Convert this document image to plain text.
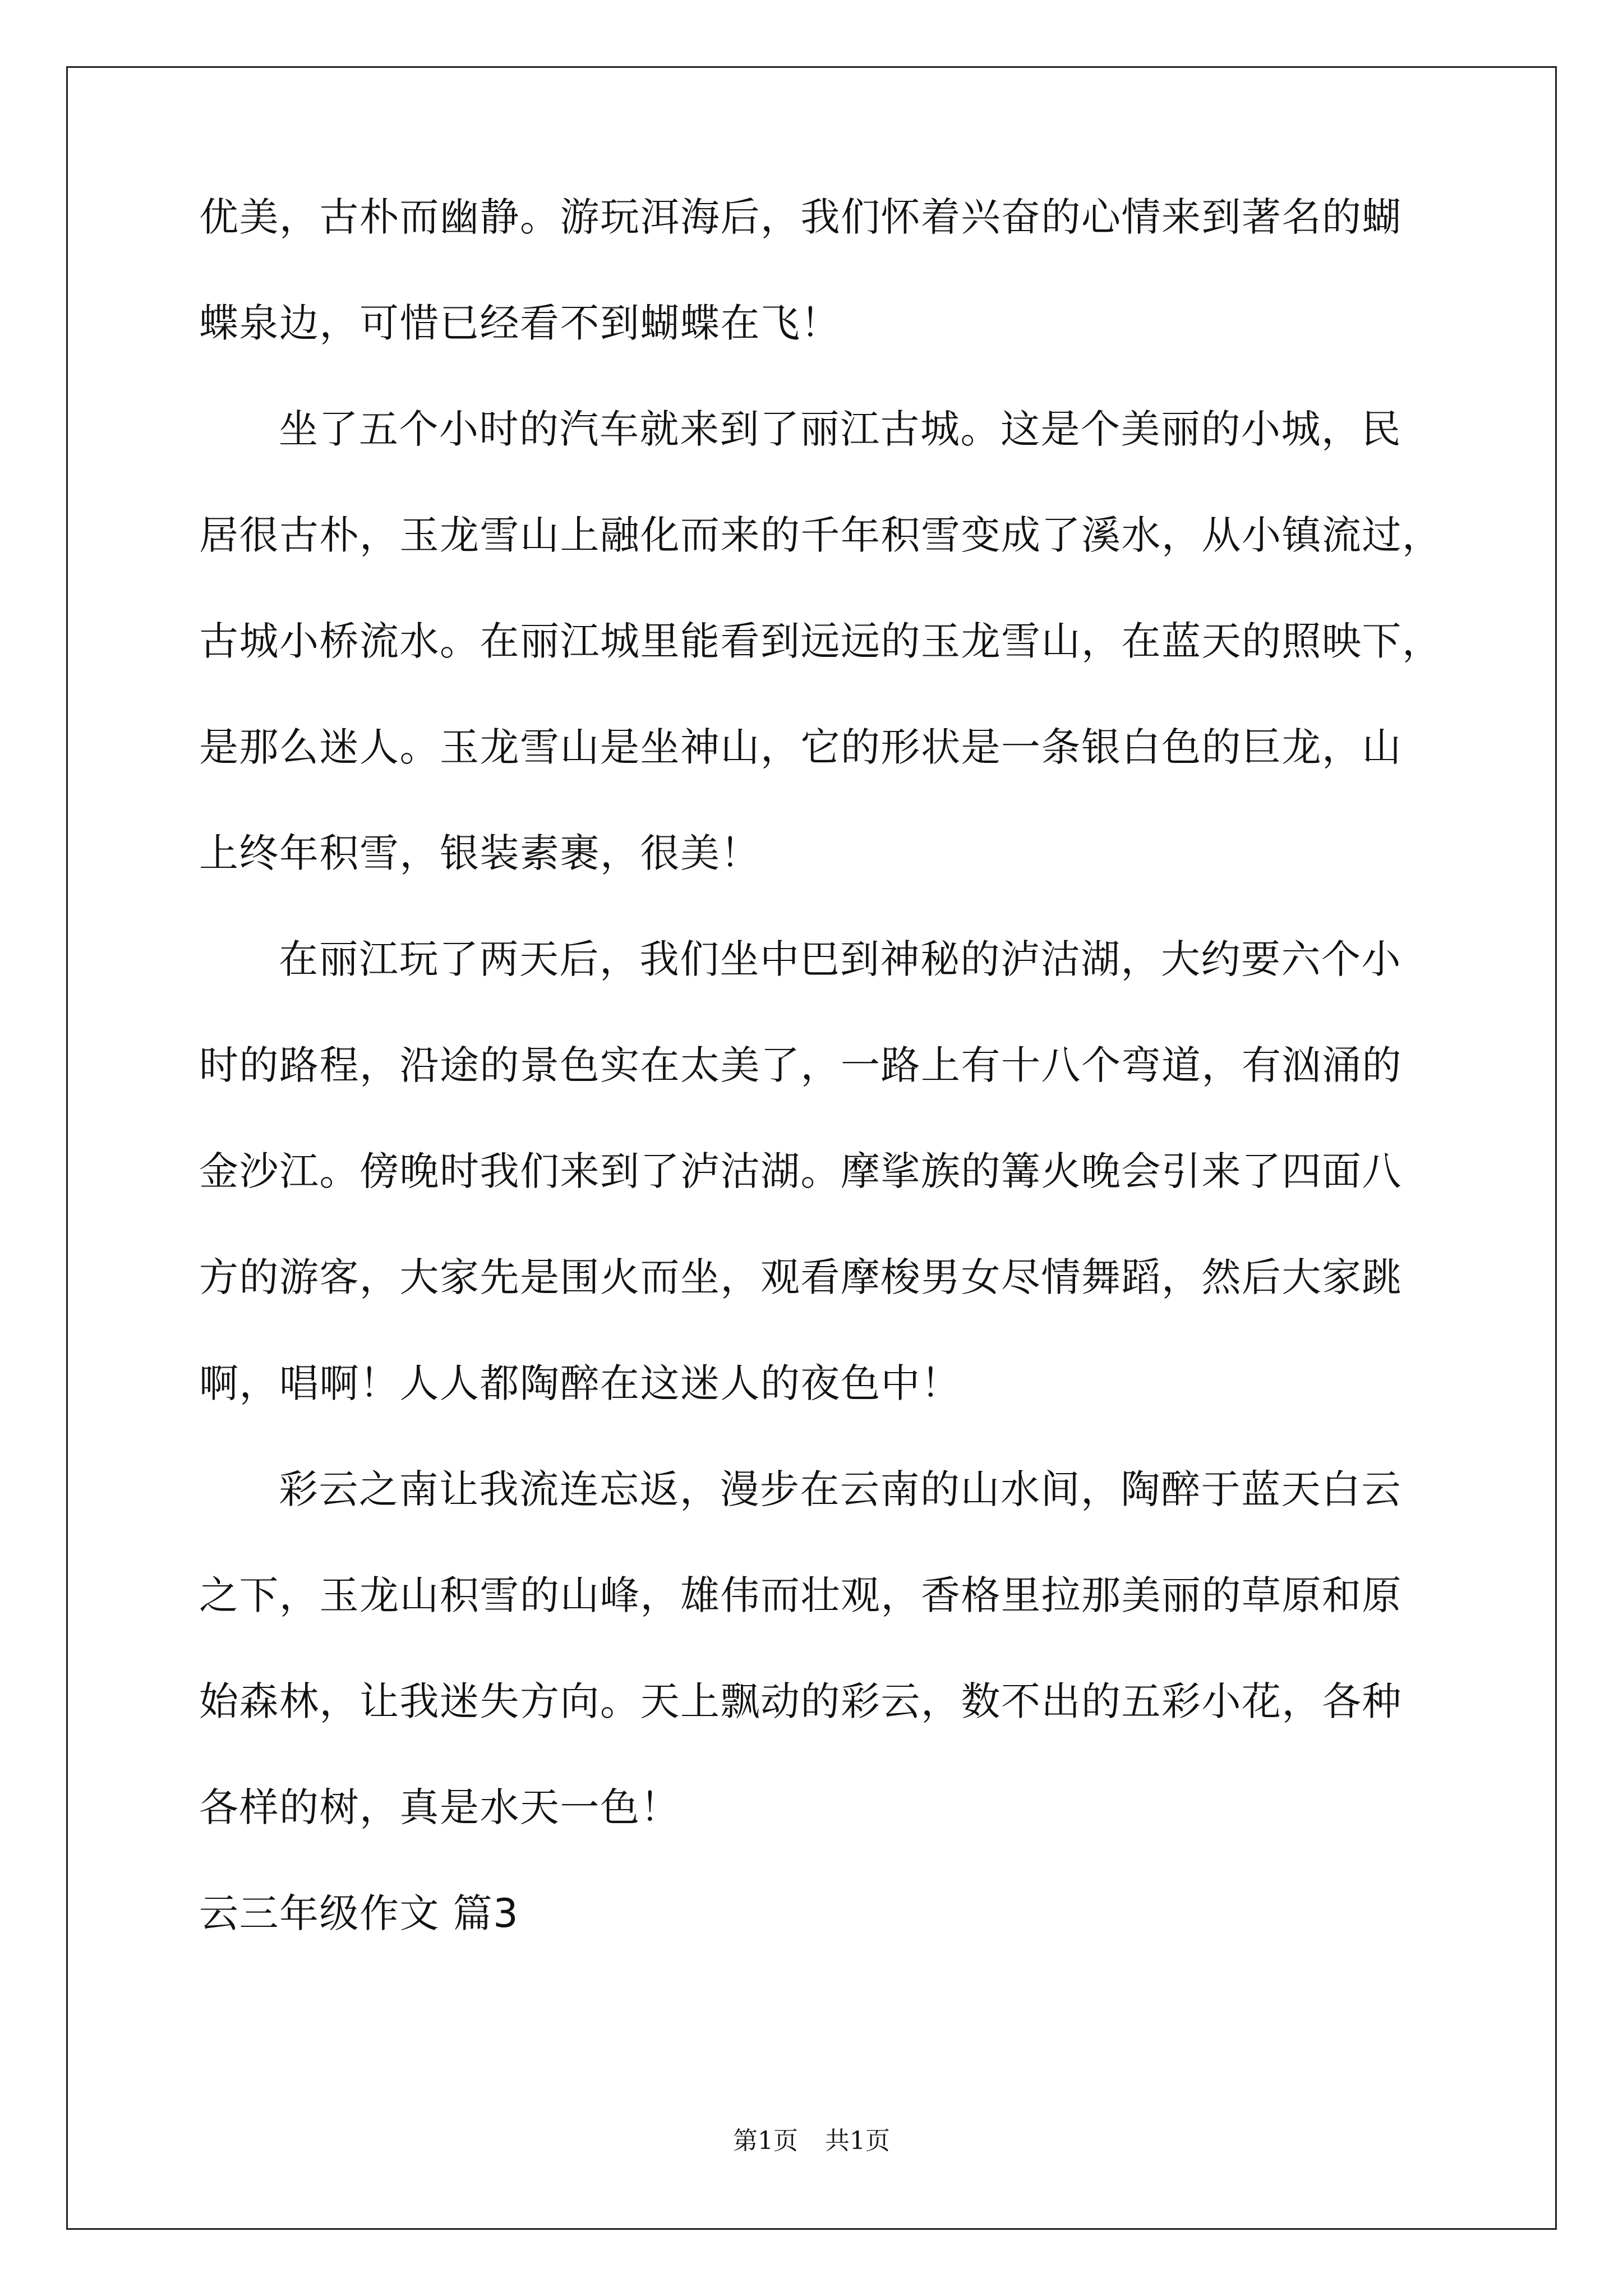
优美，古朴而幽静。游玩洱海后，我们怀着兴奋的心情来到著名的蝴

蝶泉边，可惜已经看不到蝴蝶在飞！

坐了五个小时的汽车就来到了丽江古城。这是个美丽的小城，民

居很古朴，玉龙雪山上融化而来的千年积雪变成了溪水，从小镇流过，

古城小桥流水。在丽江城里能看到远远的玉龙雪山，在蓝天的照映下，

是那么迷人。玉龙雪山是坐神山，它的形状是一条银白色的巨龙，山

上终年积雪，银装素裹，很美！

在丽江玩了两天后，我们坐中巴到神秘的泸沽湖，大约要六个小

时的路程，沿途的景色实在太美了，一路上有十八个弯道，有汹涌的

金沙江。傍晚时我们来到了泸沽湖。摩挲族的篝火晚会引来了四面八

方的游客，大家先是围火而坐，观看摩梭男女尽情舞蹈，然后大家跳

啊，唱啊！人人都陶醉在这迷人的夜色中！

彩云之南让我流连忘返，漫步在云南的山水间，陶醉于蓝天白云

之下，玉龙山积雪的山峰，雄伟而壮观，香格里拉那美丽的草原和原

始森林，让我迷失方向。天上飘动的彩云，数不出的五彩小花，各种

各样的树，真是水天一色！

云三年级作文 篇3

第1页 共1页
